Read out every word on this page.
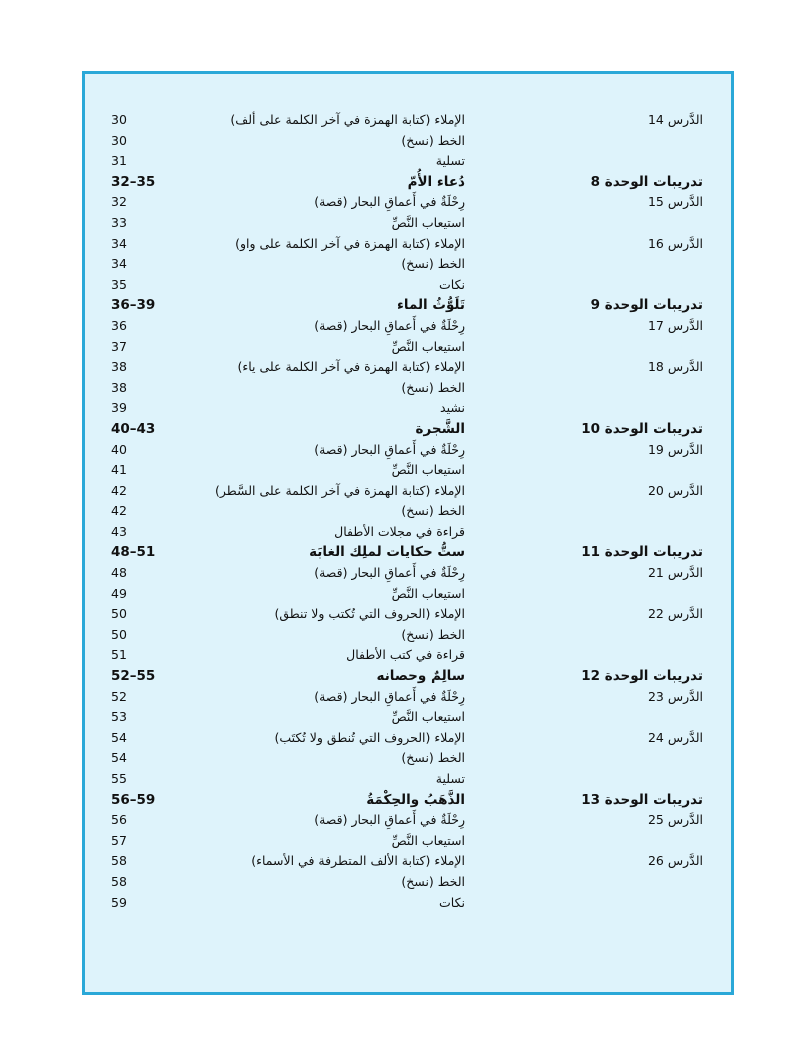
الدَّرس 14
الإملاء (كتابة الهمزة في آخر الكلمة على ألف)
30
الخط (نسخ)
30
تسلية
31
تدريبات الوحدة 8
دُعاء الأُمّ
32–35
الدَّرس 15
رِحْلَةٌ في أَعماقِ البحار (قصة)
32
استيعاب النَّصِّ
33
الدَّرس 16
الإملاء (كتابة الهمزة في آخر الكلمة على واو)
34
الخط (نسخ)
34
نكات
35
تدريبات الوحدة 9
تَلَوُّثُ الماء
36–39
الدَّرس 17
رِحْلَةٌ في أَعماقِ البحار (قصة)
36
استيعاب النَّصِّ
37
الدَّرس 18
الإملاء (كتابة الهمزة في آخر الكلمة على ياء)
38
الخط (نسخ)
38
نشيد
39
تدريبات الوحدة 10
الشَّجرة
40–43
الدَّرس 19
رِحْلَةٌ في أَعماقِ البحار (قصة)
40
استيعاب النَّصِّ
41
الدَّرس 20
الإملاء (كتابة الهمزة في آخر الكلمة على السَّطر)
42
الخط (نسخ)
42
قراءة في مجلات الأطفال
43
تدريبات الوحدة 11
ستُّ حكايات لملِك الغابَة
48–51
الدَّرس 21
رِحْلَةٌ في أَعماقِ البحار (قصة)
48
استيعاب النَّصِّ
49
الدَّرس 22
الإملاء (الحروف التي تُكتب ولا تنطق)
50
الخط (نسخ)
50
قراءة في كتب الأطفال
51
تدريبات الوحدة 12
سالِمٌ وحصانه
52–55
الدَّرس 23
رِحْلَةٌ في أَعماقِ البحار (قصة)
52
استيعاب النَّصِّ
53
الدَّرس 24
الإملاء (الحروف التي تُنطق ولا تُكتَب)
54
الخط (نسخ)
54
تسلية
55
تدريبات الوحدة 13
الذَّهَبُ والحِكْمَةُ
56–59
الدَّرس 25
رِحْلَةٌ في أَعماقِ البحار (قصة)
56
استيعاب النَّصِّ
57
الدَّرس 26
الإملاء (كتابة الألف المتطرفة في الأسماء)
58
الخط (نسخ)
58
نكات
59
